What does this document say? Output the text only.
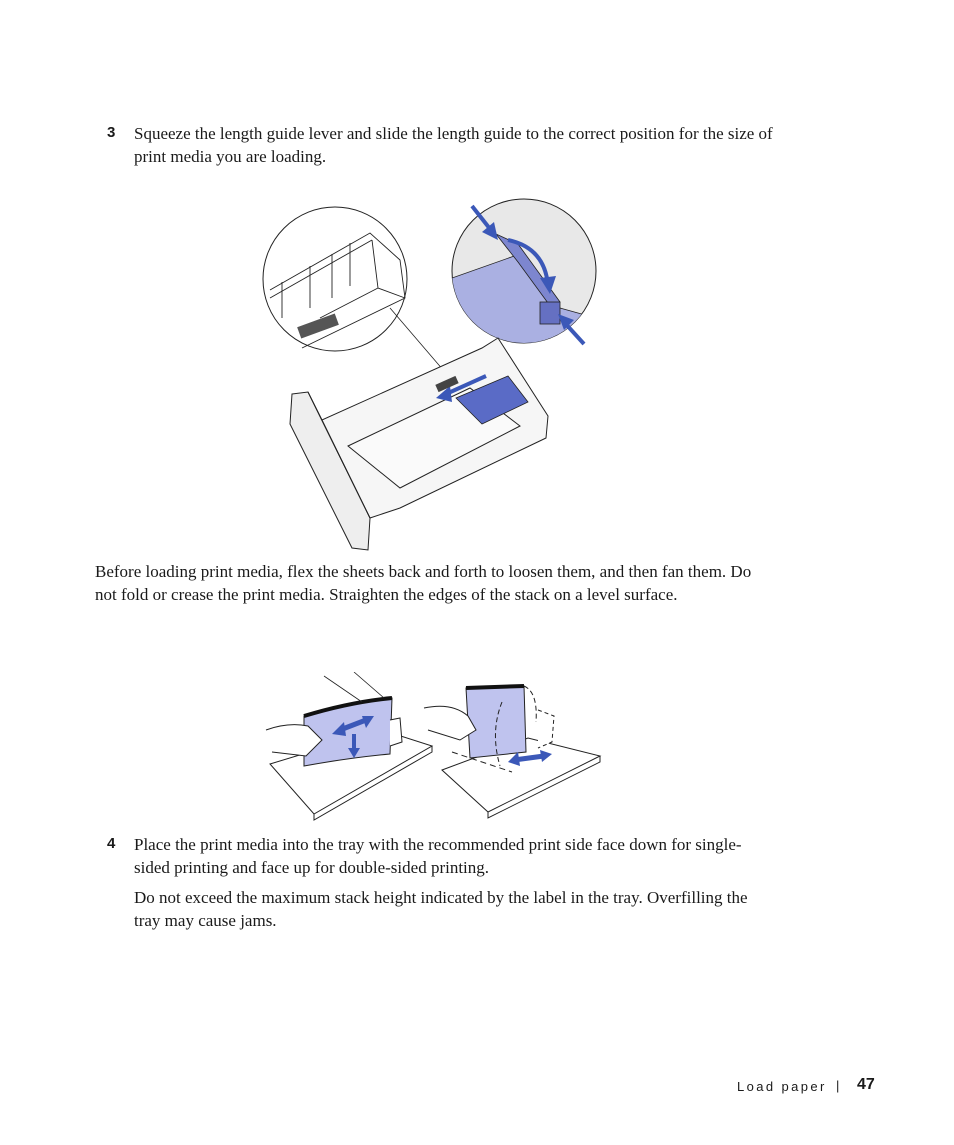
3 Squeeze the length guide lever and slide the length guide to the correct position for the size of print media you are loading.

Before loading print media, flex the sheets back and forth to loosen them, and then fan them. Do not fold or crease the print media. Straighten the edges of the stack on a level surface.

4 Place the print media into the tray with the recommended print side face down for single-sided printing and face up for double-sided printing.

Do not exceed the maximum stack height indicated by the label in the tray. Overfilling the tray may cause jams.

Load paper | 47
